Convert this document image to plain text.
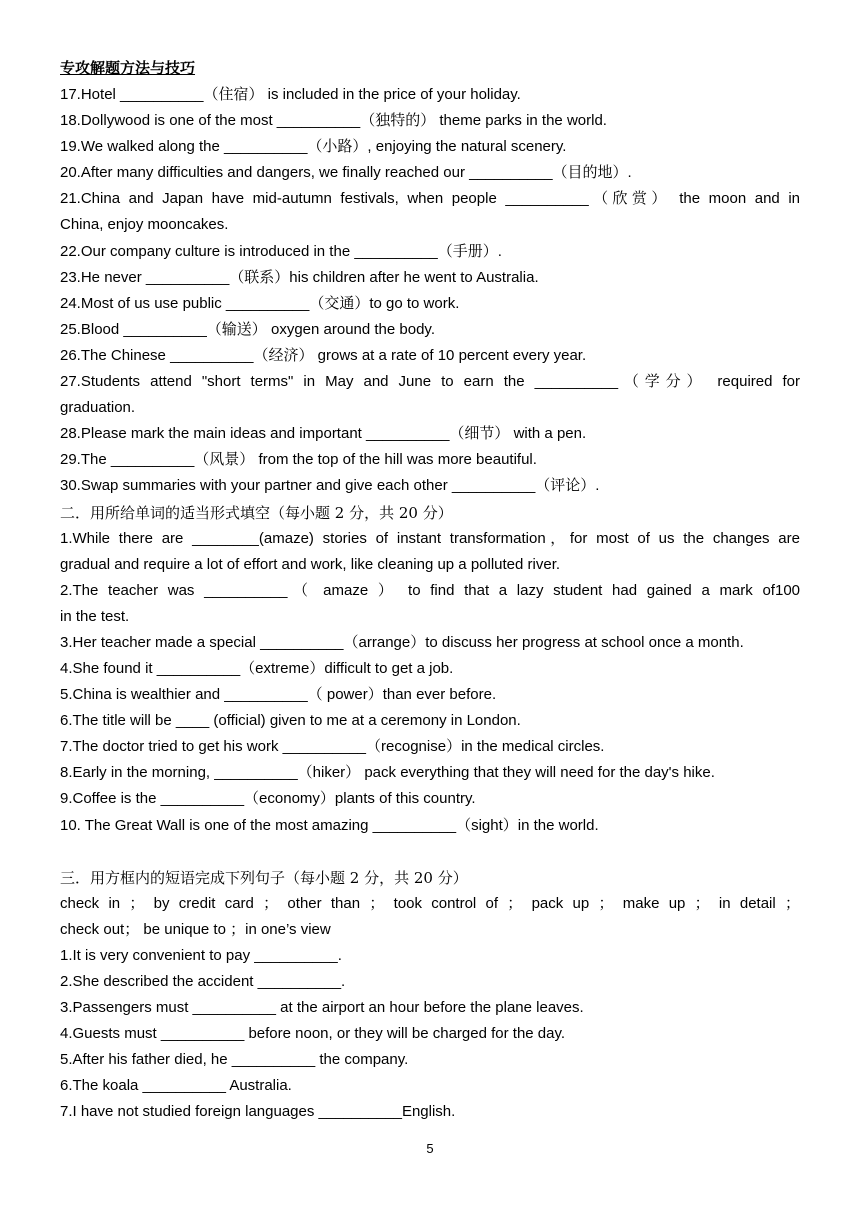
专攻解题方法与技巧
17.Hotel __________（住宿） is included in the price of your holiday.
18.Dollywood is one of the most __________（独特的） theme parks in the world.
19.We walked along the __________（小路）, enjoying the natural scenery.
20.After many difficulties and dangers, we finally reached our __________（目的地）.
21.China and Japan have mid-autumn festivals, when people __________（欣赏） the moon and in
China, enjoy mooncakes.
22.Our company culture is introduced in the __________（手册）.
23.He never __________（联系）his children after he went to Australia.
24.Most of us use public __________（交通）to go to work.
25.Blood __________（输送） oxygen around the body.
26.The Chinese __________（经济） grows at a rate of 10 percent every year.
27.Students attend "short terms" in May and June to earn the __________（学分） required for
graduation.
28.Please mark the main ideas and important __________（细节） with a pen.
29.The __________（风景） from the top of the hill was more beautiful.
30.Swap summaries with your partner and give each other __________（评论）.
二．用所给单词的适当形式填空（每小题 2 分，共 20 分）
1.While there are ________(amaze) stories of instant transformation，for most of us the changes are
gradual and require a lot of effort and work, like cleaning up a polluted river.
2.The teacher was __________（ amaze ） to find that a lazy student had gained a mark of100
in the test.
3.Her teacher made a special __________（arrange）to discuss her progress at school once a month.
4.She found it __________（extreme）difficult to get a job.
5.China is wealthier and __________（ power）than ever before.
6.The title will be ____ (official) given to me at a ceremony in London.
7.The doctor tried to get his work __________（recognise）in the medical circles.
8.Early in the morning, __________（hiker） pack everything that they will need for the day's hike.
9.Coffee is the __________（economy）plants of this country.
10. The Great Wall is one of the most amazing __________（sight）in the world.
三．用方框内的短语完成下列句子（每小题 2 分，共 20 分）
check in ； by credit card ； other than ； took control of ； pack up ； make up ； in detail ；
check out； be unique to ；in one’s view
1.It is very convenient to pay __________.
2.She described the accident __________.
3.Passengers must __________ at the airport an hour before the plane leaves.
4.Guests must __________ before noon, or they will be charged for the day.
5.After his father died, he __________ the company.
6.The koala __________ Australia.
7.I have not studied foreign languages __________English.
5
